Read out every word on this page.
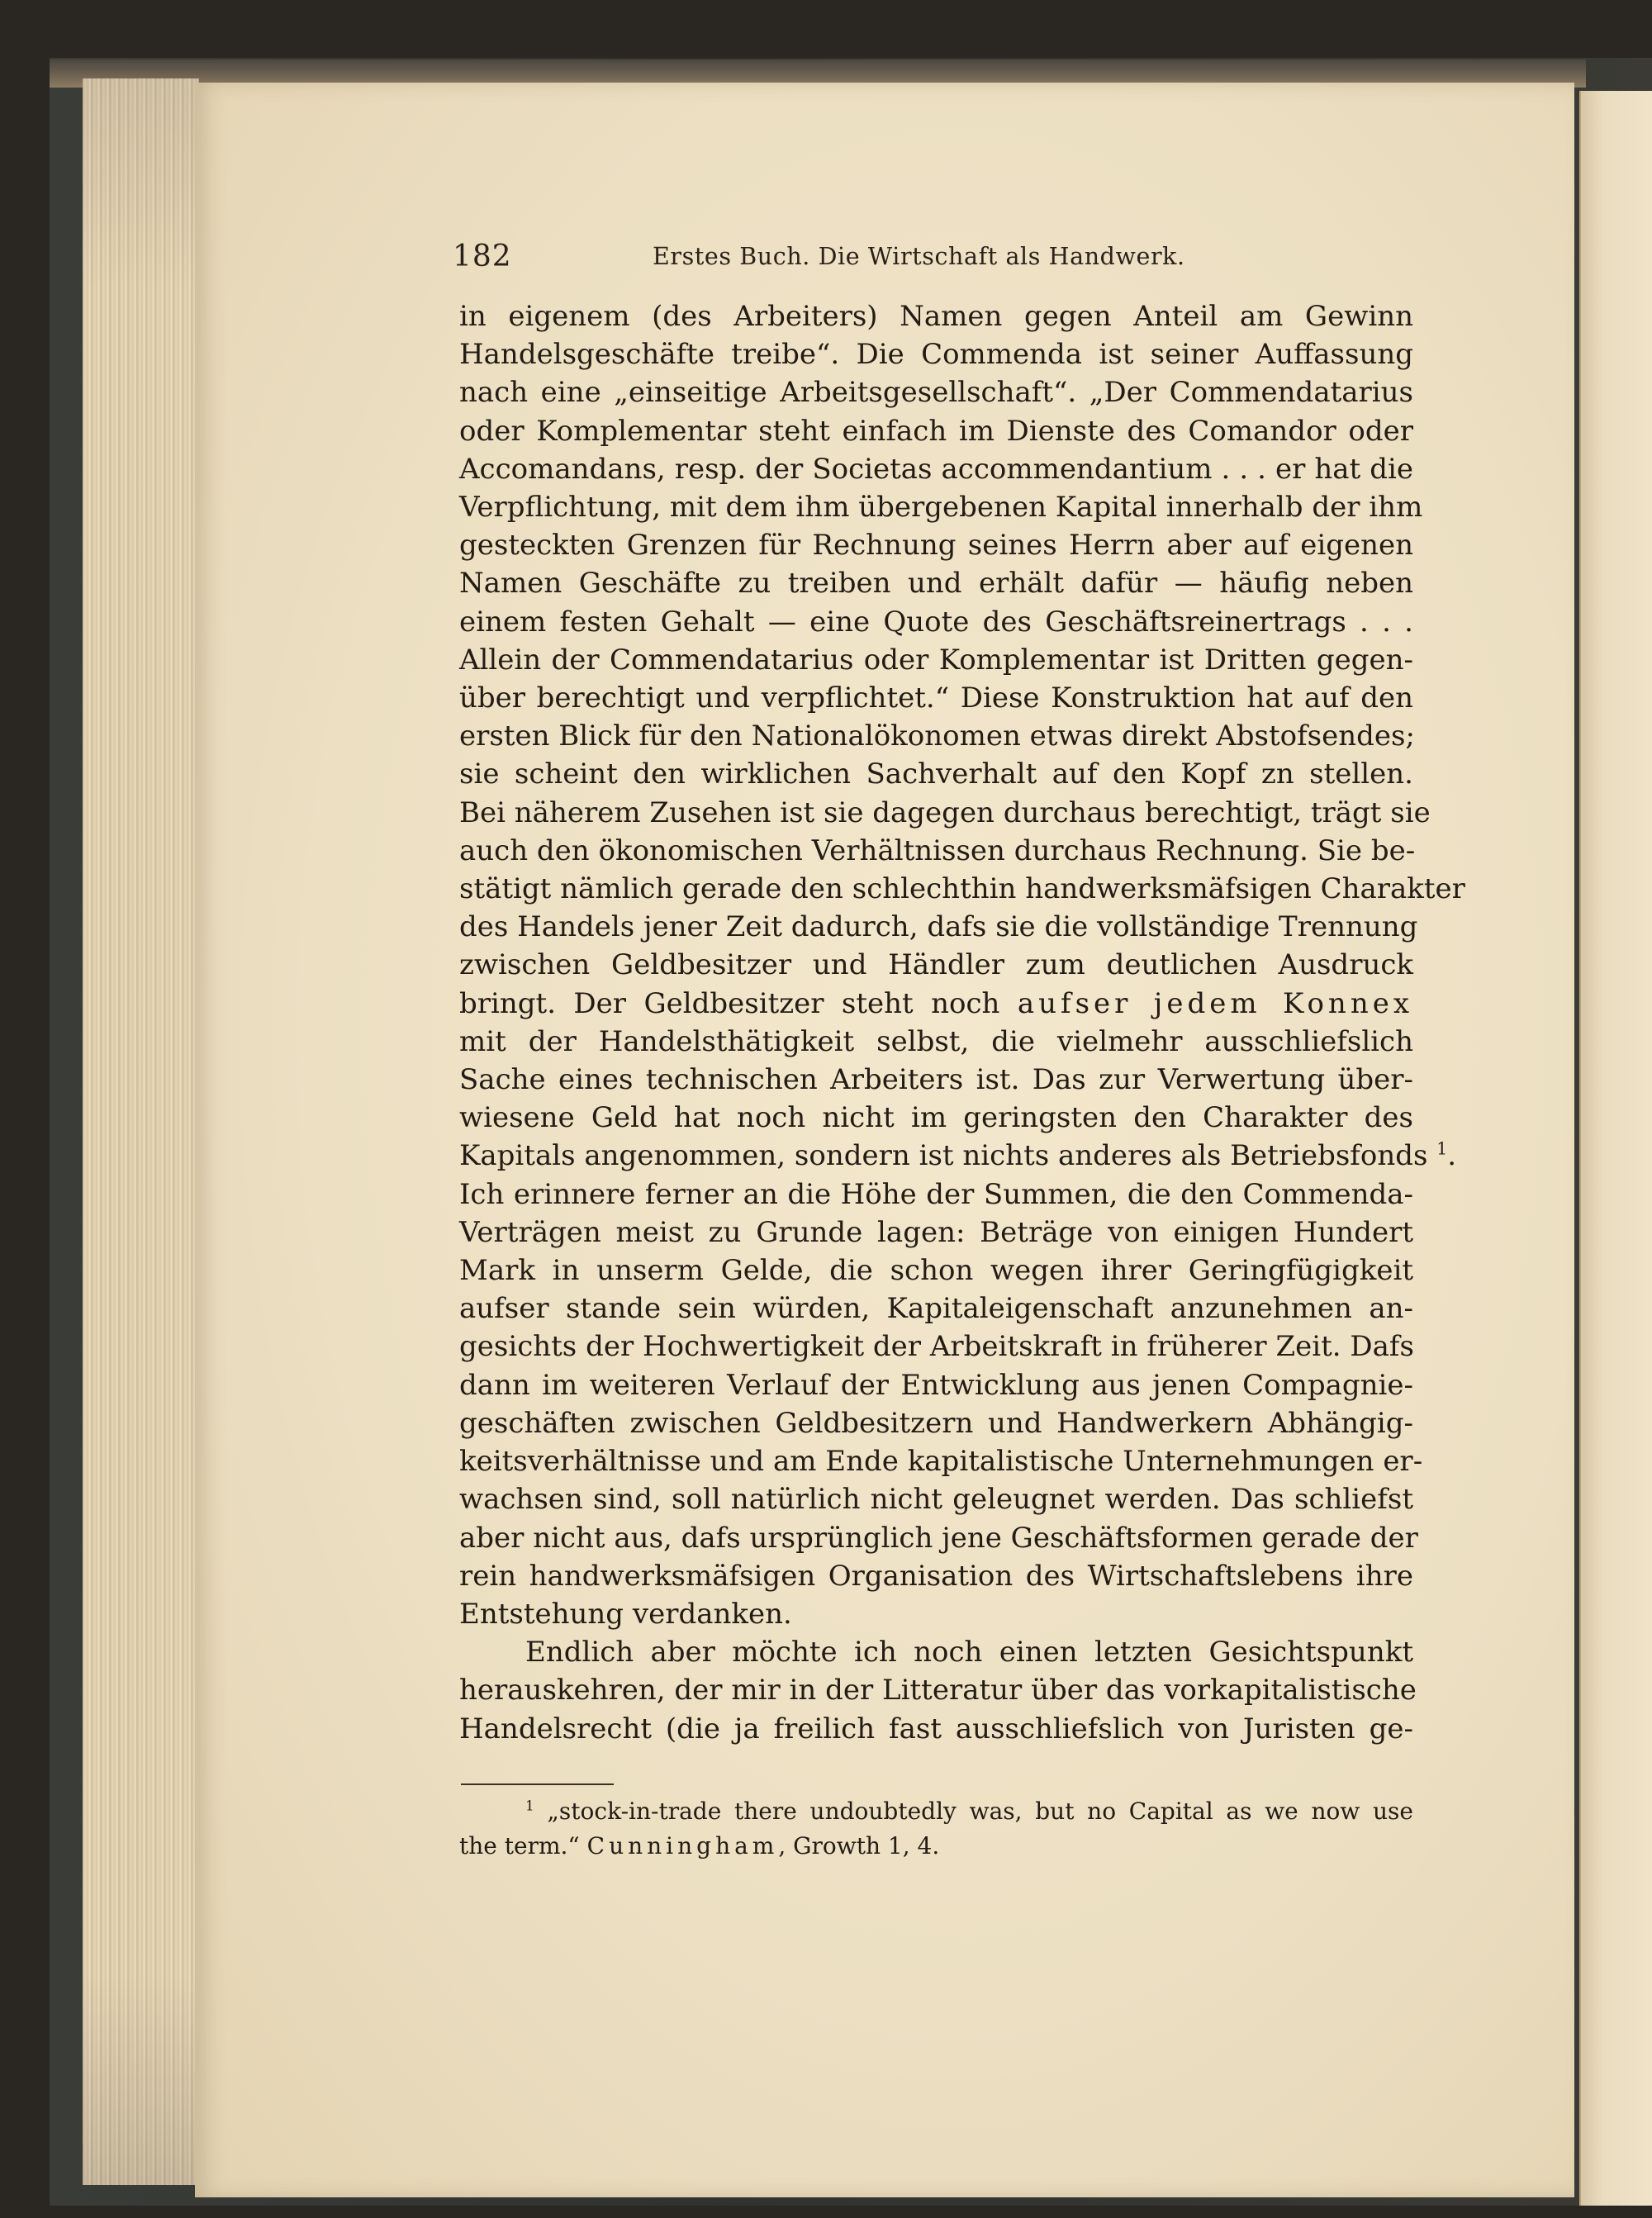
182	Erstes Buch. Die Wirtschaft als Handwerk.

in eigenem (des Arbeiters) Namen gegen Anteil am Gewinn
Handelsgeschäfte treibe“. Die Commenda ist seiner Auffassung
nach eine „einseitige Arbeitsgesellschaft“. „Der Commendatarius
oder Komplementar steht einfach im Dienste des Comandor oder
Accomandans, resp. der Societas accommendantium . . . er hat die
Verpflichtung, mit dem ihm übergebenen Kapital innerhalb der ihm
gesteckten Grenzen für Rechnung seines Herrn aber auf eigenen
Namen Geschäfte zu treiben und erhält dafür — häufig neben
einem festen Gehalt — eine Quote des Geschäftsreinertrags . . .
Allein der Commendatarius oder Komplementar ist Dritten gegen-
über berechtigt und verpflichtet.“ Diese Konstruktion hat auf den
ersten Blick für den Nationalökonomen etwas direkt Abstofsendes;
sie scheint den wirklichen Sachverhalt auf den Kopf zn stellen.
Bei näherem Zusehen ist sie dagegen durchaus berechtigt, trägt sie
auch den ökonomischen Verhältnissen durchaus Rechnung. Sie be-
stätigt nämlich gerade den schlechthin handwerksmäfsigen Charakter
des Handels jener Zeit dadurch, dafs sie die vollständige Trennung
zwischen Geldbesitzer und Händler zum deutlichen Ausdruck
bringt. Der Geldbesitzer steht noch aufser jedem Konnex
mit der Handelsthätigkeit selbst, die vielmehr ausschliefslich
Sache eines technischen Arbeiters ist. Das zur Verwertung über-
wiesene Geld hat noch nicht im geringsten den Charakter des
Kapitals angenommen, sondern ist nichts anderes als Betriebsfonds $^1$.
Ich erinnere ferner an die Höhe der Summen, die den Commenda-
Verträgen meist zu Grunde lagen: Beträge von einigen Hundert
Mark in unserm Gelde, die schon wegen ihrer Geringfügigkeit
aufser stande sein würden, Kapitaleigenschaft anzunehmen an-
gesichts der Hochwertigkeit der Arbeitskraft in früherer Zeit. Dafs
dann im weiteren Verlauf der Entwicklung aus jenen Compagnie-
geschäften zwischen Geldbesitzern und Handwerkern Abhängig-
keitsverhältnisse und am Ende kapitalistische Unternehmungen er-
wachsen sind, soll natürlich nicht geleugnet werden. Das schliefst
aber nicht aus, dafs ursprünglich jene Geschäftsformen gerade der
rein handwerksmäfsigen Organisation des Wirtschaftslebens ihre
Entstehung verdanken.

Endlich aber möchte ich noch einen letzten Gesichtspunkt
herauskehren, der mir in der Litteratur über das vorkapitalistische
Handelsrecht (die ja freilich fast ausschliefslich von Juristen ge-

$^1$ „stock-in-trade there undoubtedly was, but no Capital as we now use
the term.“ Cunningham, Growth 1, 4.
